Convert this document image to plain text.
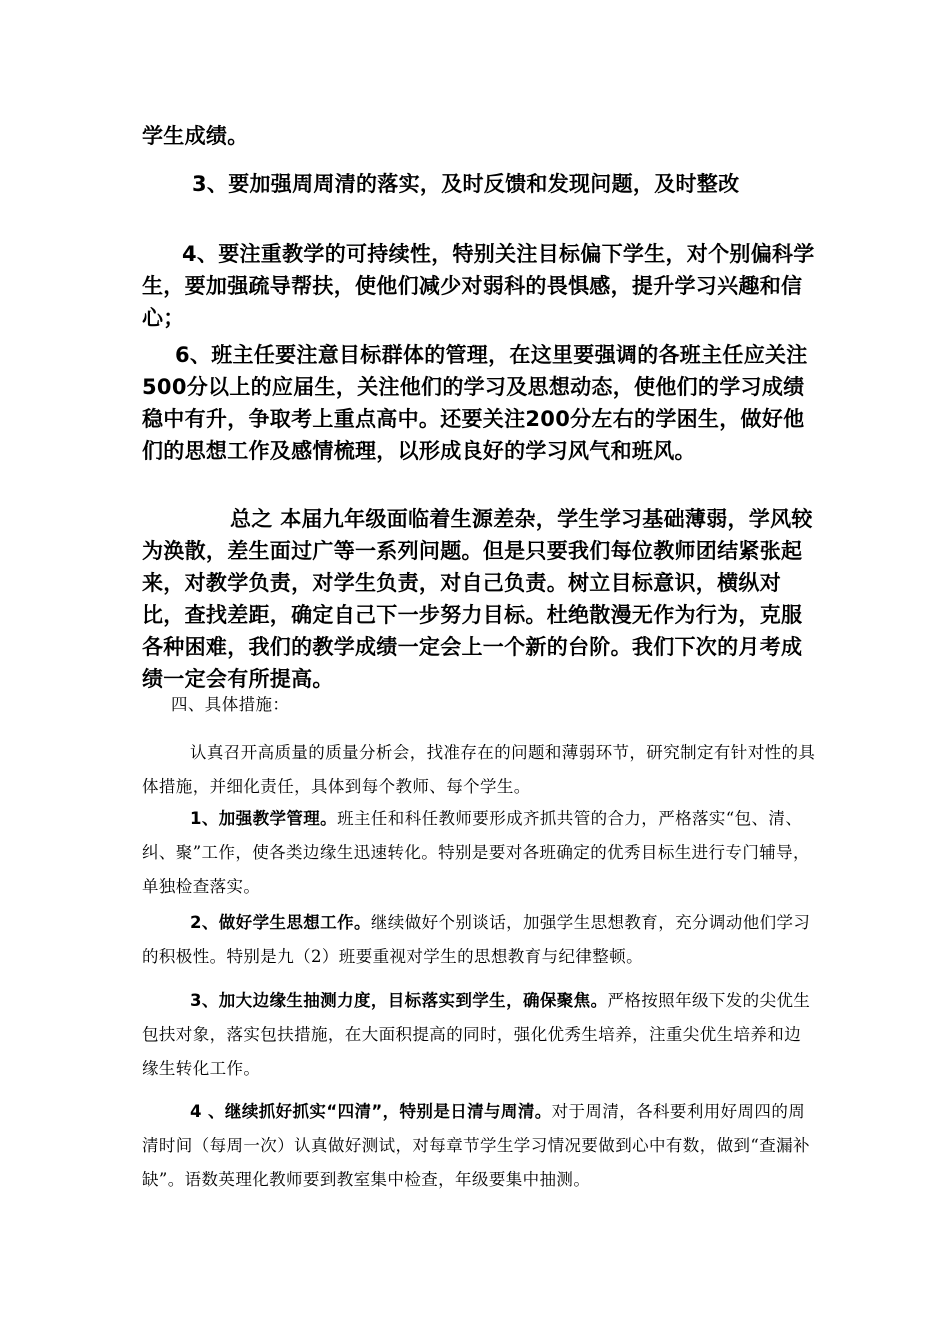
学生成绩。

3、要加强周周清的落实，及时反馈和发现问题，及时整改

4、要注重教学的可持续性，特别关注目标偏下学生，对个别偏科学生，要加强疏导帮扶，使他们减少对弱科的畏惧感，提升学习兴趣和信心；

6、班主任要注意目标群体的管理，在这里要强调的各班主任应关注500分以上的应届生，关注他们的学习及思想动态，使他们的学习成绩稳中有升，争取考上重点高中。还要关注200分左右的学困生，做好他们的思想工作及感情梳理，以形成良好的学习风气和班风。

总之 本届九年级面临着生源差杂，学生学习基础薄弱，学风较为涣散，差生面过广等一系列问题。但是只要我们每位教师团结紧张起来，对教学负责，对学生负责，对自己负责。树立目标意识，横纵对比，查找差距，确定自己下一步努力目标。杜绝散漫无作为行为，克服各种困难，我们的教学成绩一定会上一个新的台阶。我们下次的月考成绩一定会有所提高。

四、具体措施：

认真召开高质量的质量分析会，找准存在的问题和薄弱环节，研究制定有针对性的具体措施，并细化责任，具体到每个教师、每个学生。

1、加强教学管理。班主任和科任教师要形成齐抓共管的合力，严格落实“包、清、纠、聚”工作，使各类边缘生迅速转化。特别是要对各班确定的优秀目标生进行专门辅导，单独检查落实。

2、做好学生思想工作。继续做好个别谈话，加强学生思想教育，充分调动他们学习的积极性。特别是九（2）班要重视对学生的思想教育与纪律整顿。

3、加大边缘生抽测力度，目标落实到学生，确保聚焦。严格按照年级下发的尖优生包扶对象，落实包扶措施，在大面积提高的同时，强化优秀生培养，注重尖优生培养和边缘生转化工作。

4 、继续抓好抓实“四清”，特别是日清与周清。对于周清，各科要利用好周四的周清时间（每周一次）认真做好测试，对每章节学生学习情况要做到心中有数，做到“查漏补缺”。语数英理化教师要到教室集中检查，年级要集中抽测。
